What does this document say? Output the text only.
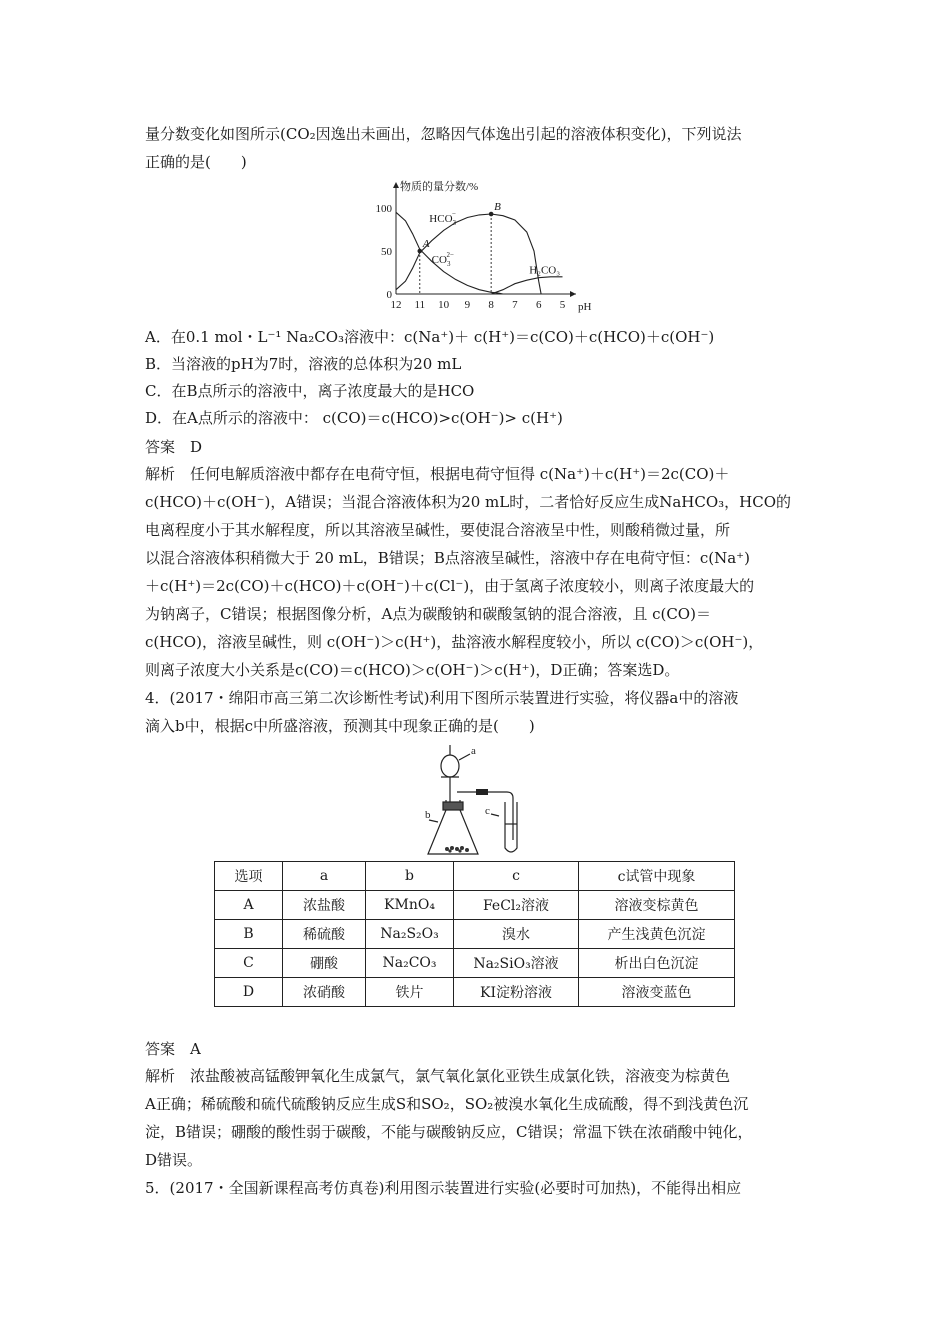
量分数变化如图所示(CO₂因逸出未画出，忽略因气体逸出引起的溶液体积变化)，下列说法
正确的是(　　)
12 11 10 9 8 7 6 5
0
50
100
物质的量分数/%
pH
A
B
$HCO_3-$
$CO_32-$
H₂CO₃
A．在0.1 mol・L⁻¹ Na₂CO₃溶液中：c(Na⁺)＋ c(H⁺)＝c(CO)＋c(HCO)＋c(OH⁻)
B．当溶液的pH为7时，溶液的总体积为20 mL
C．在B点所示的溶液中，离子浓度最大的是HCO
D．在A点所示的溶液中： c(CO)＝c(HCO)>c(OH⁻)> c(H⁺)
答案　D
解析　任何电解质溶液中都存在电荷守恒，根据电荷守恒得 c(Na⁺)＋c(H⁺)＝2c(CO)＋
c(HCO)＋c(OH⁻)，A错误；当混合溶液体积为20 mL时，二者恰好反应生成NaHCO₃，HCO的
电离程度小于其水解程度，所以其溶液呈碱性，要使混合溶液呈中性，则酸稍微过量，所
以混合溶液体积稍微大于 20 mL，B错误；B点溶液呈碱性，溶液中存在电荷守恒：c(Na⁺)
＋c(H⁺)＝2c(CO)＋c(HCO)＋c(OH⁻)＋c(Cl⁻)，由于氢离子浓度较小，则离子浓度最大的
为钠离子，C错误；根据图像分析，A点为碳酸钠和碳酸氢钠的混合溶液，且 c(CO)＝
c(HCO)，溶液呈碱性，则 c(OH⁻)＞c(H⁺)，盐溶液水解程度较小，所以 c(CO)＞c(OH⁻)，
则离子浓度大小关系是c(CO)＝c(HCO)＞c(OH⁻)＞c(H⁺)，D正确；答案选D。
4．(2017・绵阳市高三第二次诊断性考试)利用下图所示装置进行实验，将仪器a中的溶液
滴入b中，根据c中所盛溶液，预测其中现象正确的是(　　)
a
b	c
选项	a	b	c	c试管中现象
A	浓盐酸	KMnO₄	FeCl₂溶液	溶液变棕黄色
B	稀硫酸	Na₂S₂O₃	溴水	产生浅黄色沉淀
C	硼酸	Na₂CO₃	Na₂SiO₃溶液	析出白色沉淀
D	浓硝酸	铁片	KI淀粉溶液	溶液变蓝色
答案　A
解析　浓盐酸被高锰酸钾氧化生成氯气，氯气氧化氯化亚铁生成氯化铁，溶液变为棕黄色
A正确；稀硫酸和硫代硫酸钠反应生成S和SO₂，SO₂被溴水氧化生成硫酸，得不到浅黄色沉
淀，B错误；硼酸的酸性弱于碳酸，不能与碳酸钠反应，C错误；常温下铁在浓硝酸中钝化，
D错误。
5．(2017・全国新课程高考仿真卷)利用图示装置进行实验(必要时可加热)，不能得出相应
